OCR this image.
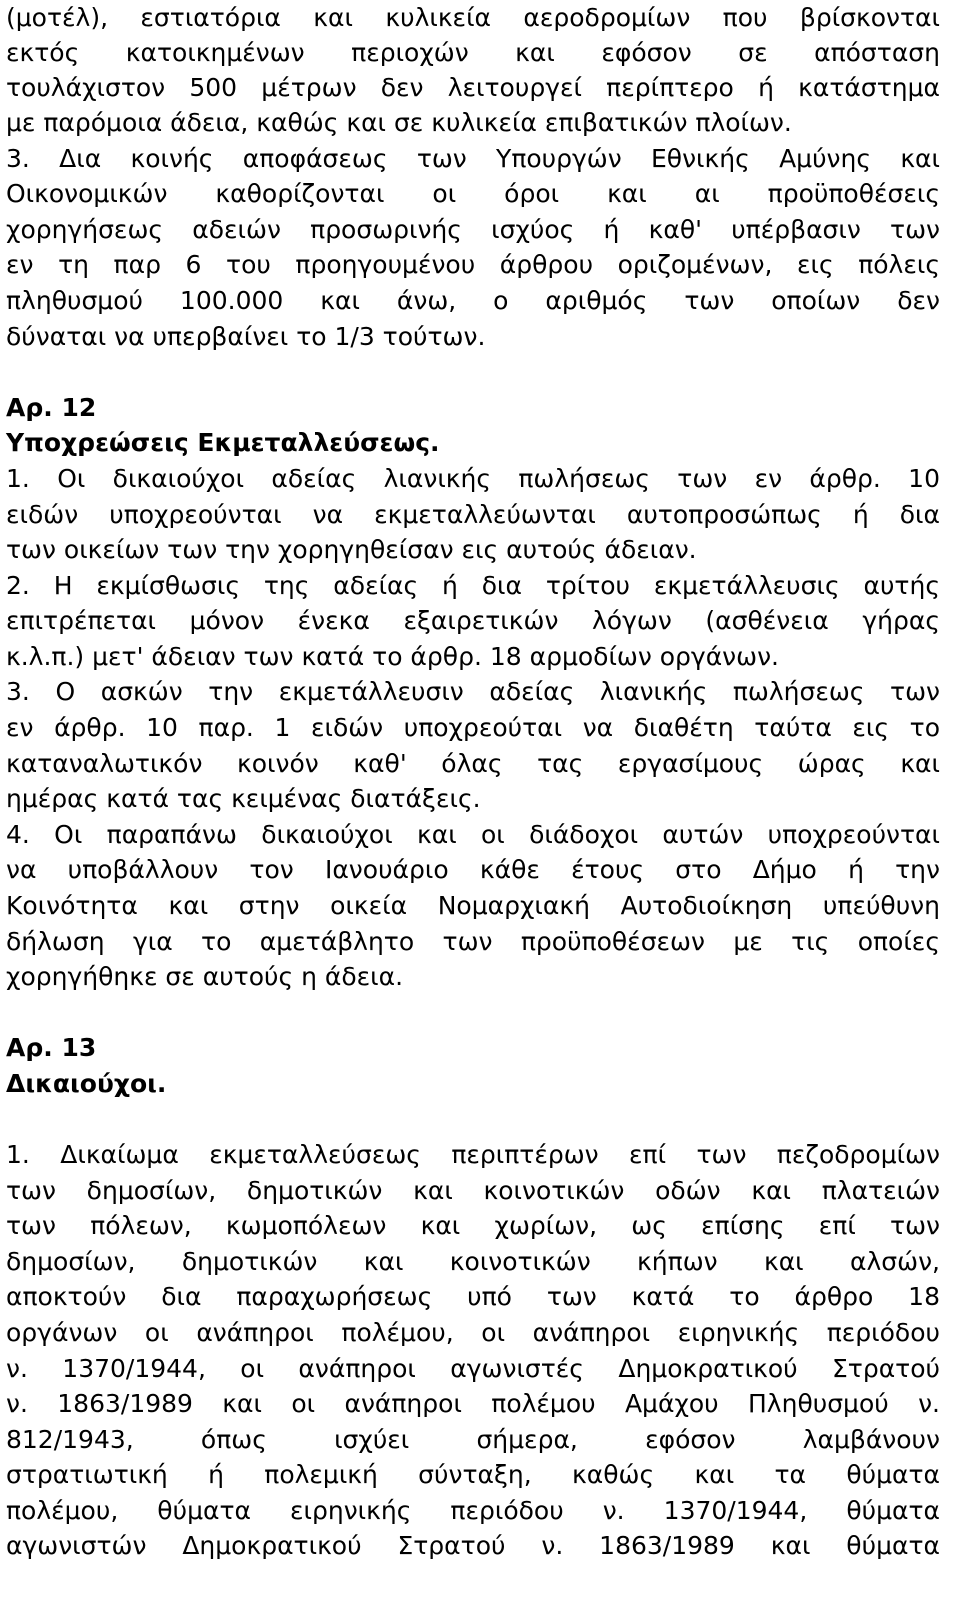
(μοτέλ), εστιατόρια και κυλικεία αεροδρομίων που βρίσκονται
εκτός κατοικημένων περιοχών και εφόσον σε απόσταση
τουλάχιστον 500 μέτρων δεν λειτουργεί περίπτερο ή κατάστημα
με παρόμοια άδεια, καθώς και σε κυλικεία επιβατικών πλοίων.
3. Δια κοινής αποφάσεως των Υπουργών Εθνικής Αμύνης και
Οικονομικών καθορίζονται οι όροι και αι προϋποθέσεις
χορηγήσεως αδειών προσωρινής ισχύος ή καθ' υπέρβασιν των
εν τη παρ 6 του προηγουμένου άρθρου οριζομένων, εις πόλεις
πληθυσμού 100.000 και άνω, ο αριθμός των οποίων δεν
δύναται να υπερβαίνει το 1/3 τούτων.
Αρ. 12
Υποχρεώσεις Εκμεταλλεύσεως.
1. Οι δικαιούχοι αδείας λιανικής πωλήσεως των εν άρθρ. 10
ειδών υποχρεούνται να εκμεταλλεύωνται αυτοπροσώπως ή δια
των οικείων των την χορηγηθείσαν εις αυτούς άδειαν.
2. Η εκμίσθωσις της αδείας ή δια τρίτου εκμετάλλευσις αυτής
επιτρέπεται μόνον ένεκα εξαιρετικών λόγων (ασθένεια γήρας
κ.λ.π.) μετ' άδειαν των κατά το άρθρ. 18 αρμοδίων οργάνων.
3. Ο ασκών την εκμετάλλευσιν αδείας λιανικής πωλήσεως των
εν άρθρ. 10 παρ. 1 ειδών υποχρεούται να διαθέτη ταύτα εις το
καταναλωτικόν κοινόν καθ' όλας τας εργασίμους ώρας και
ημέρας κατά τας κειμένας διατάξεις.
4. Οι παραπάνω δικαιούχοι και οι διάδοχοι αυτών υποχρεούνται
να υποβάλλουν τον Ιανουάριο κάθε έτους στο Δήμο ή την
Κοινότητα και στην οικεία Νομαρχιακή Αυτοδιοίκηση υπεύθυνη
δήλωση για το αμετάβλητο των προϋποθέσεων με τις οποίες
χορηγήθηκε σε αυτούς η άδεια.
Αρ. 13
Δικαιούχοι.
1. Δικαίωμα εκμεταλλεύσεως περιπτέρων επί των πεζοδρομίων
των δημοσίων, δημοτικών και κοινοτικών οδών και πλατειών
των πόλεων, κωμοπόλεων και χωρίων, ως επίσης επί των
δημοσίων, δημοτικών και κοινοτικών κήπων και αλσών,
αποκτούν δια παραχωρήσεως υπό των κατά το άρθρο 18
οργάνων οι ανάπηροι πολέμου, οι ανάπηροι ειρηνικής περιόδου
ν. 1370/1944, οι ανάπηροι αγωνιστές Δημοκρατικού Στρατού
ν. 1863/1989 και οι ανάπηροι πολέμου Αμάχου Πληθυσμού ν.
812/1943, όπως ισχύει σήμερα, εφόσον λαμβάνουν
στρατιωτική ή πολεμική σύνταξη, καθώς και τα θύματα
πολέμου, θύματα ειρηνικής περιόδου ν. 1370/1944, θύματα
αγωνιστών Δημοκρατικού Στρατού ν. 1863/1989 και θύματα
